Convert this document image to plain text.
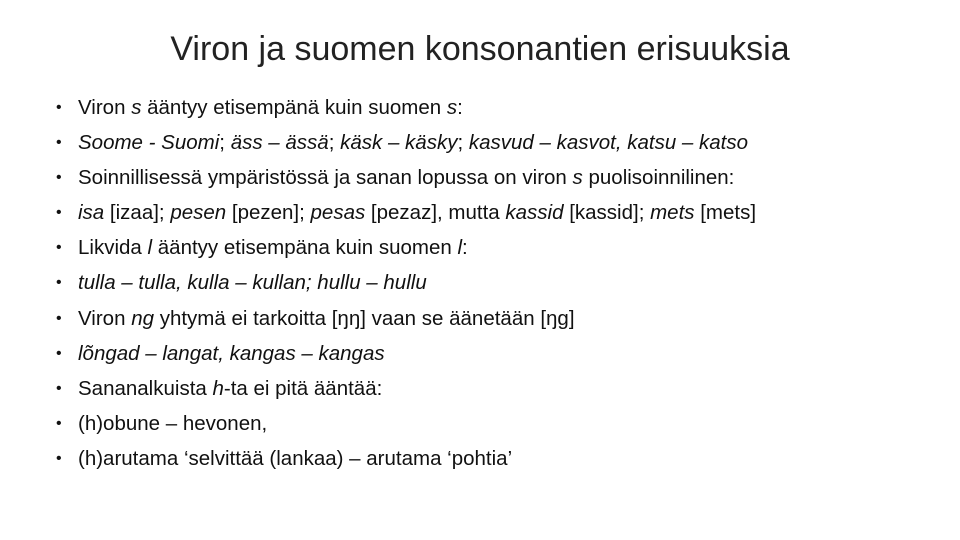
Viron ja suomen konsonantien erisuuksia
• Viron s ääntyy etisempänä kuin suomen s:
• Soome - Suomi; äss – ässä; käsk – käsky; kasvud – kasvot, katsu – katso
• Soinnillisessä ympäristössä ja sanan lopussa on viron s puolisoinnilinen:
• isa [izaa]; pesen [pezen]; pesas [pezaz], mutta kassid [kassid]; mets [mets]
• Likvida l ääntyy etisempäna kuin suomen l:
• tulla – tulla, kulla – kullan; hullu – hullu
• Viron ng yhtymä ei tarkoitta [ŋŋ] vaan se äänetään [ŋg]
• lõngad – langat, kangas – kangas
• Sananalkuista h-ta ei pitä ääntää:
• (h)obune – hevonen,
• (h)arutama ‘selvittää (lankaa) – arutama ‘pohtia’
